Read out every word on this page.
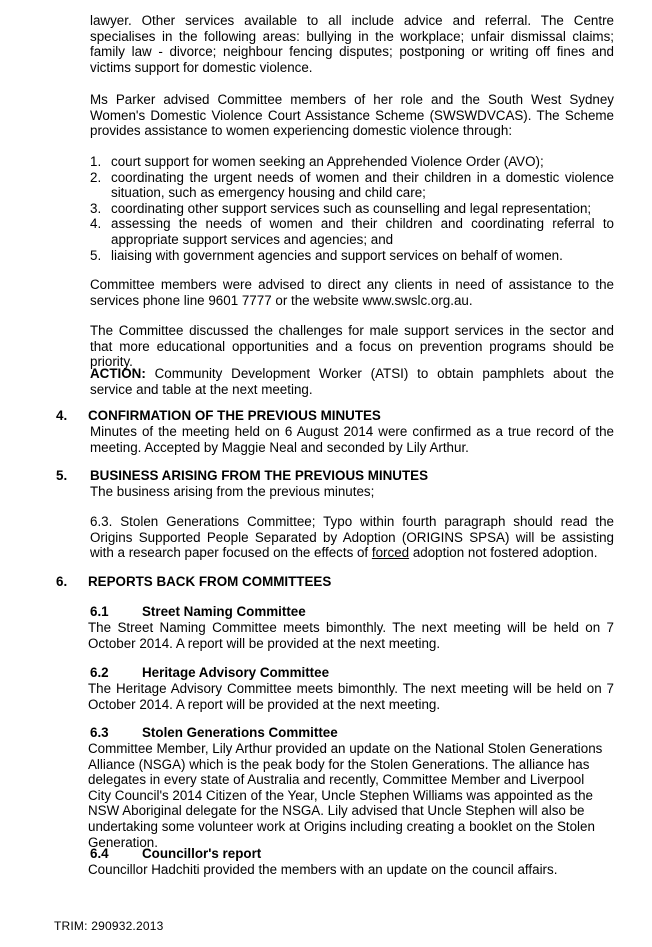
lawyer. Other services available to all include advice and referral. The Centre specialises in the following areas: bullying in the workplace; unfair dismissal claims; family law - divorce; neighbour fencing disputes; postponing or writing off fines and victims support for domestic violence.

Ms Parker advised Committee members of her role and the South West Sydney Women's Domestic Violence Court Assistance Scheme (SWSWDVCAS). The Scheme provides assistance to women experiencing domestic violence through:

1. court support for women seeking an Apprehended Violence Order (AVO);
2. coordinating the urgent needs of women and their children in a domestic violence situation, such as emergency housing and child care;
3. coordinating other support services such as counselling and legal representation;
4. assessing the needs of women and their children and coordinating referral to appropriate support services and agencies; and
5. liaising with government agencies and support services on behalf of women.

Committee members were advised to direct any clients in need of assistance to the services phone line 9601 7777 or the website www.swslc.org.au.

The Committee discussed the challenges for male support services in the sector and that more educational opportunities and a focus on prevention programs should be priority.

ACTION: Community Development Worker (ATSI) to obtain pamphlets about the service and table at the next meeting.

4. CONFIRMATION OF THE PREVIOUS MINUTES

Minutes of the meeting held on 6 August 2014 were confirmed as a true record of the meeting. Accepted by Maggie Neal and seconded by Lily Arthur.

5. BUSINESS ARISING FROM THE PREVIOUS MINUTES

The business arising from the previous minutes;

6.3. Stolen Generations Committee; Typo within fourth paragraph should read the Origins Supported People Separated by Adoption (ORIGINS SPSA) will be assisting with a research paper focused on the effects of forced adoption not fostered adoption.

6. REPORTS BACK FROM COMMITTEES
6.1 Street Naming Committee

The Street Naming Committee meets bimonthly. The next meeting will be held on 7 October 2014. A report will be provided at the next meeting.

6.2 Heritage Advisory Committee

The Heritage Advisory Committee meets bimonthly. The next meeting will be held on 7 October 2014. A report will be provided at the next meeting.

6.3 Stolen Generations Committee

Committee Member, Lily Arthur provided an update on the National Stolen Generations Alliance (NSGA) which is the peak body for the Stolen Generations. The alliance has delegates in every state of Australia and recently, Committee Member and Liverpool City Council's 2014 Citizen of the Year, Uncle Stephen Williams was appointed as the NSW Aboriginal delegate for the NSGA. Lily advised that Uncle Stephen will also be undertaking some volunteer work at Origins including creating a booklet on the Stolen Generation.

6.4 Councillor's report

Councillor Hadchiti provided the members with an update on the council affairs.

TRIM: 290932.2013
